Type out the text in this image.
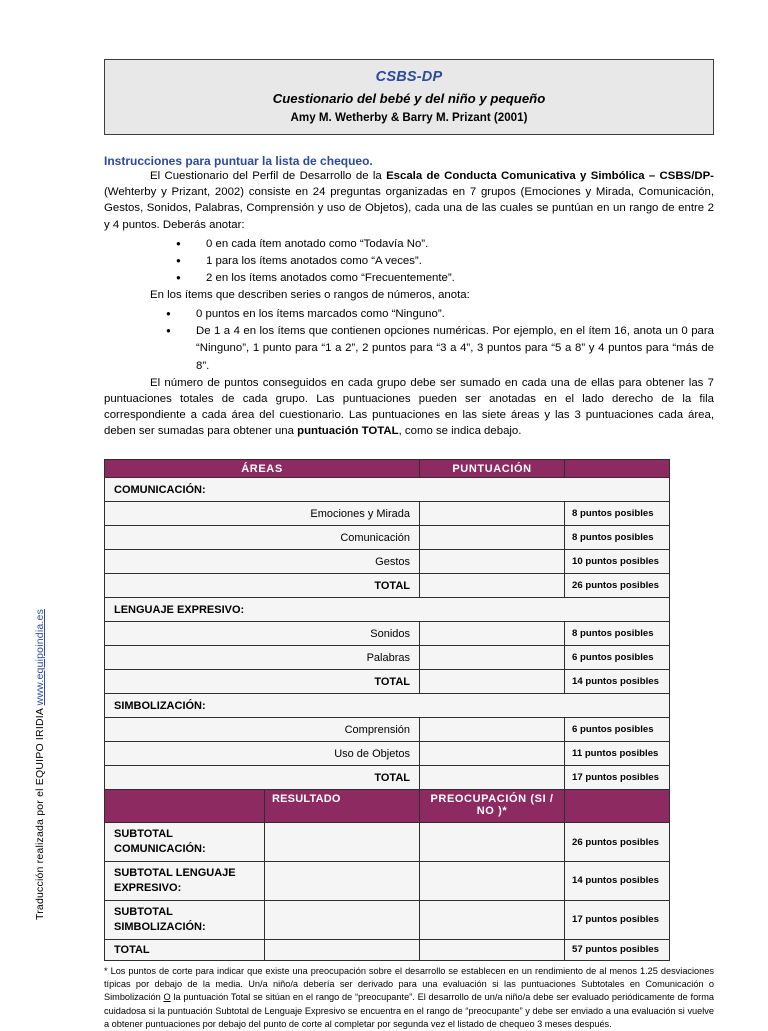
Traducción realizada por el EQUIPO IRIDIA www.equipoindia.es
CSBS-DP
Cuestionario del bebé y del niño y pequeño
Amy M. Wetherby & Barry M. Prizant (2001)
Instrucciones para puntuar la lista de chequeo.

El Cuestionario del Perfil de Desarrollo de la Escala de Conducta Comunicativa y Simbólica – CSBS/DP- (Wehterby y Prizant, 2002) consiste en 24 preguntas organizadas en 7 grupos (Emociones y Mirada, Comunicación, Gestos, Sonidos, Palabras, Comprensión y uso de Objetos), cada una de las cuales se puntúan en un rango de entre 2 y 4 puntos. Deberás anotar:

● 0 en cada ítem anotado como “Todavía No”.
● 1 para los ítems anotados como “A veces”.
● 2 en los ítems anotados como “Frecuentemente”.

En los ítems que describen series o rangos de números, anota:

● 0 puntos en los ítems marcados como “Ninguno”.
● De 1 a 4 en los ítems que contienen opciones numéricas. Por ejemplo, en el ítem 16, anota un 0 para “Ninguno”, 1 punto para “1 a 2”, 2 puntos para “3 a 4”, 3 puntos para “5 a 8” y 4 puntos para “más de 8”.

El número de puntos conseguidos en cada grupo debe ser sumado en cada una de ellas para obtener las 7 puntuaciones totales de cada grupo. Las puntuaciones pueden ser anotadas en el lado derecho de la fila correspondiente a cada área del cuestionario. Las puntuaciones en las siete áreas y las 3 puntuaciones cada área, deben ser sumadas para obtener una puntuación TOTAL, como se indica debajo.

ÁREAS		PUNTUACIÓN	
COMUNICACIÓN:			
Emociones y Mirada			8 puntos posibles
Comunicación			8 puntos posibles
Gestos			10 puntos posibles
TOTAL			26 puntos posibles
LENGUAJE EXPRESIVO:			
Sonidos			8 puntos posibles
Palabras			6 puntos posibles
TOTAL			14 puntos posibles
SIMBOLIZACIÓN:			
Comprensión			6 puntos posibles
Uso de Objetos			11 puntos posibles
TOTAL			17 puntos posibles
	RESULTADO	PREOCUPACIÓN (SI / NO )*	
SUBTOTAL COMUNICACIÓN:			26 puntos posibles
SUBTOTAL LENGUAJE EXPRESIVO:			14 puntos posibles
SUBTOTAL SIMBOLIZACIÓN:			17 puntos posibles
TOTAL			57 puntos posibles
* Los puntos de corte para indicar que existe una preocupación sobre el desarrollo se establecen en un rendimiento de al menos 1.25 desviaciones típicas por debajo de la media. Un/a niño/a debería ser derivado para una evaluación si las puntuaciones Subtotales en Comunicación o Simbolización O la puntuación Total se sitúan en el rango de “preocupante”. El desarrollo de un/a niño/a debe ser evaluado periódicamente de forma cuidadosa si la puntuación Subtotal de Lenguaje Expresivo se encuentra en el rango de “preocupante” y debe ser enviado a una evaluación si vuelve a obtener puntuaciones por debajo del punto de corte al completar por segunda vez el listado de chequeo 3 meses después.
